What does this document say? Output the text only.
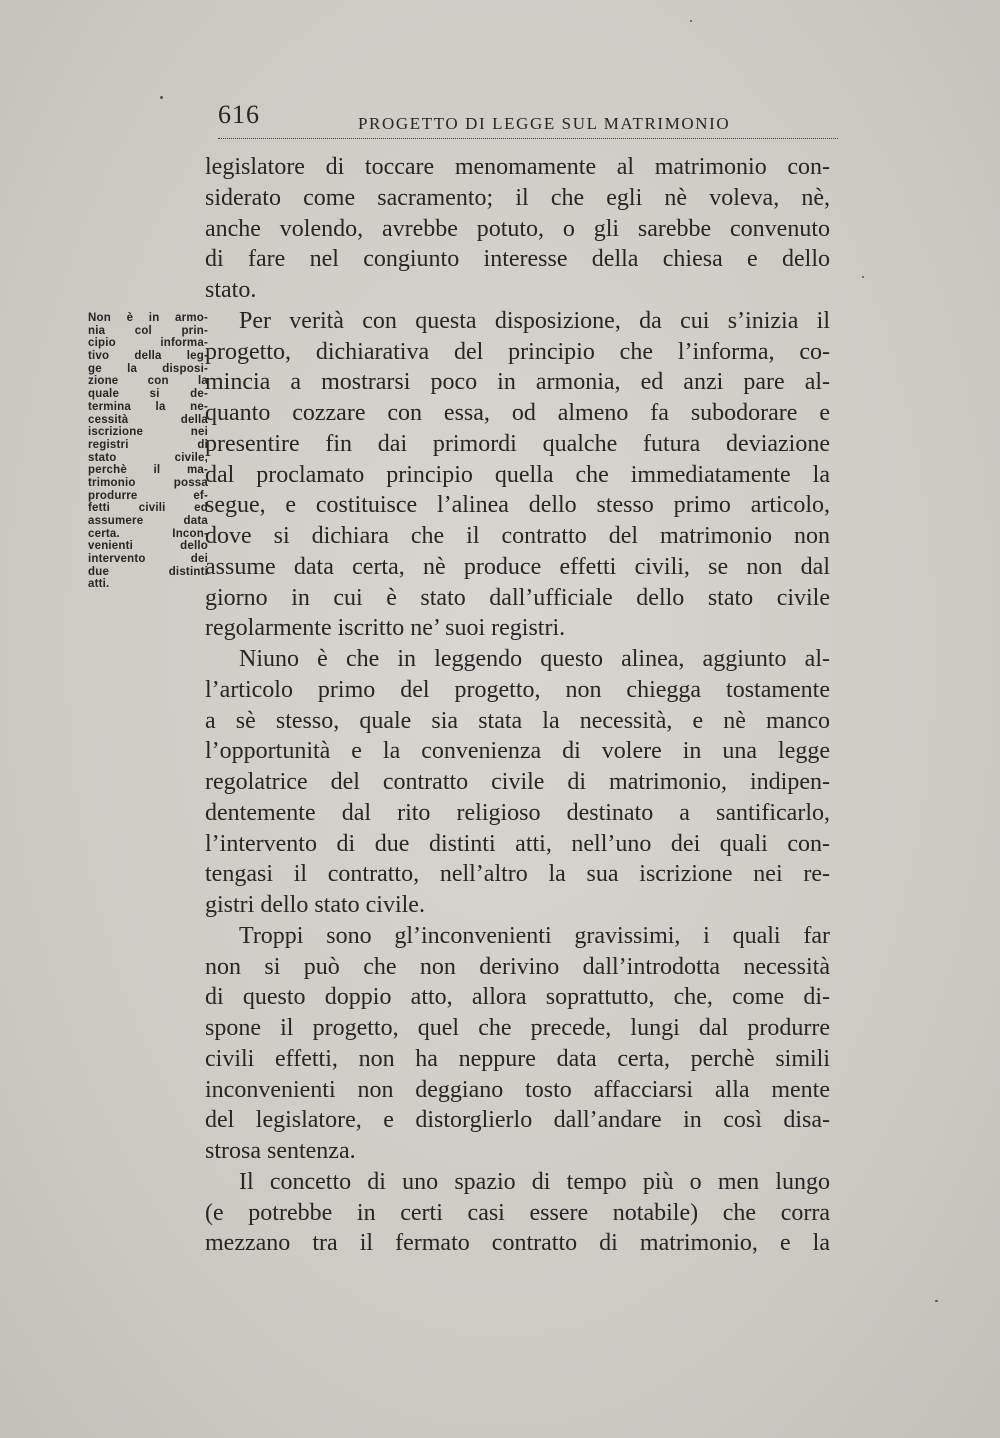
616	PROGETTO DI LEGGE SUL MATRIMONIO
Non è in armo-
nia col prin-
cipio informa-
tivo della leg-
ge la disposi-
zione con la
quale si de-
termina la ne-
cessità della
iscrizione nei
registri di
stato civile,
perchè il ma-
trimonio possa
produrre ef-
fetti civili ed
assumere data
certa. Incon-
venienti dello
intervento dei
due distinti
atti.
legislatore di toccare menomamente al matrimonio con-
siderato come sacramento; il che egli nè voleva, nè,
anche volendo, avrebbe potuto, o gli sarebbe convenuto
di fare nel congiunto interesse della chiesa e dello
stato.
Per verità con questa disposizione, da cui s’inizia il
progetto, dichiarativa del principio che l’informa, co-
mincia a mostrarsi poco in armonia, ed anzi pare al-
quanto cozzare con essa, od almeno fa subodorare e
presentire fin dai primordi qualche futura deviazione
dal proclamato principio quella che immediatamente la
segue, e costituisce l’alinea dello stesso primo articolo,
dove si dichiara che il contratto del matrimonio non
assume data certa, nè produce effetti civili, se non dal
giorno in cui è stato dall’ufficiale dello stato civile
regolarmente iscritto ne’ suoi registri.
Niuno è che in leggendo questo alinea, aggiunto al-
l’articolo primo del progetto, non chiegga tostamente
a sè stesso, quale sia stata la necessità, e nè manco
l’opportunità e la convenienza di volere in una legge
regolatrice del contratto civile di matrimonio, indipen-
dentemente dal rito religioso destinato a santificarlo,
l’intervento di due distinti atti, nell’uno dei quali con-
tengasi il contratto, nell’altro la sua iscrizione nei re-
gistri dello stato civile.
Troppi sono gl’inconvenienti gravissimi, i quali far
non si può che non derivino dall’introdotta necessità
di questo doppio atto, allora soprattutto, che, come di-
spone il progetto, quel che precede, lungi dal produrre
civili effetti, non ha neppure data certa, perchè simili
inconvenienti non deggiano tosto affacciarsi alla mente
del legislatore, e distorglierlo dall’andare in così disa-
strosa sentenza.
Il concetto di uno spazio di tempo più o men lungo
(e potrebbe in certi casi essere notabile) che corra
mezzano tra il fermato contratto di matrimonio, e la
